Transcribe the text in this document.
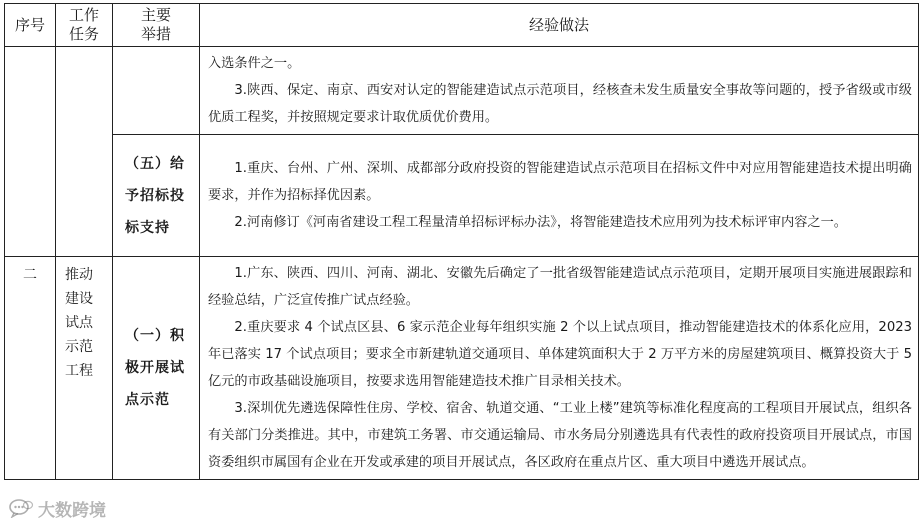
序号	工作任务	主要举措	经验做法

			入选条件之一。

3.陕西、保定、南京、西安对认定的智能建造试点示范项目，经核查未发生质量安全事故等问题的，授予省级或市级优质工程奖，并按照规定要求计取优质优价费用。

		（五）给予招标投标支持	1.重庆、台州、广州、深圳、成都部分政府投资的智能建造试点示范项目在招标文件中对应用智能建造技术提出明确要求，并作为招标择优因素。

2.河南修订《河南省建设工程工程量清单招标评标办法》，将智能建造技术应用列为技术标评审内容之一。

二	推动建设试点示范工程	（一）积极开展试点示范	1.广东、陕西、四川、河南、湖北、安徽先后确定了一批省级智能建造试点示范项目，定期开展项目实施进展跟踪和经验总结，广泛宣传推广试点经验。

2.重庆要求 4 个试点区县、6 家示范企业每年组织实施 2 个以上试点项目，推动智能建造技术的体系化应用，2023 年已落实 17 个试点项目；要求全市新建轨道交通项目、单体建筑面积大于 2 万平方米的房屋建筑项目、概算投资大于 5 亿元的市政基础设施项目，按要求选用智能建造技术推广目录相关技术。

3.深圳优先遴选保障性住房、学校、宿舍、轨道交通、“工业上楼”建筑等标准化程度高的工程项目开展试点，组织各有关部门分类推进。其中，市建筑工务署、市交通运输局、市水务局分别遴选具有代表性的政府投资项目开展试点，市国资委组织市属国有企业在开发或承建的项目开展试点，各区政府在重点片区、重大项目中遴选开展试点。

大数跨境
